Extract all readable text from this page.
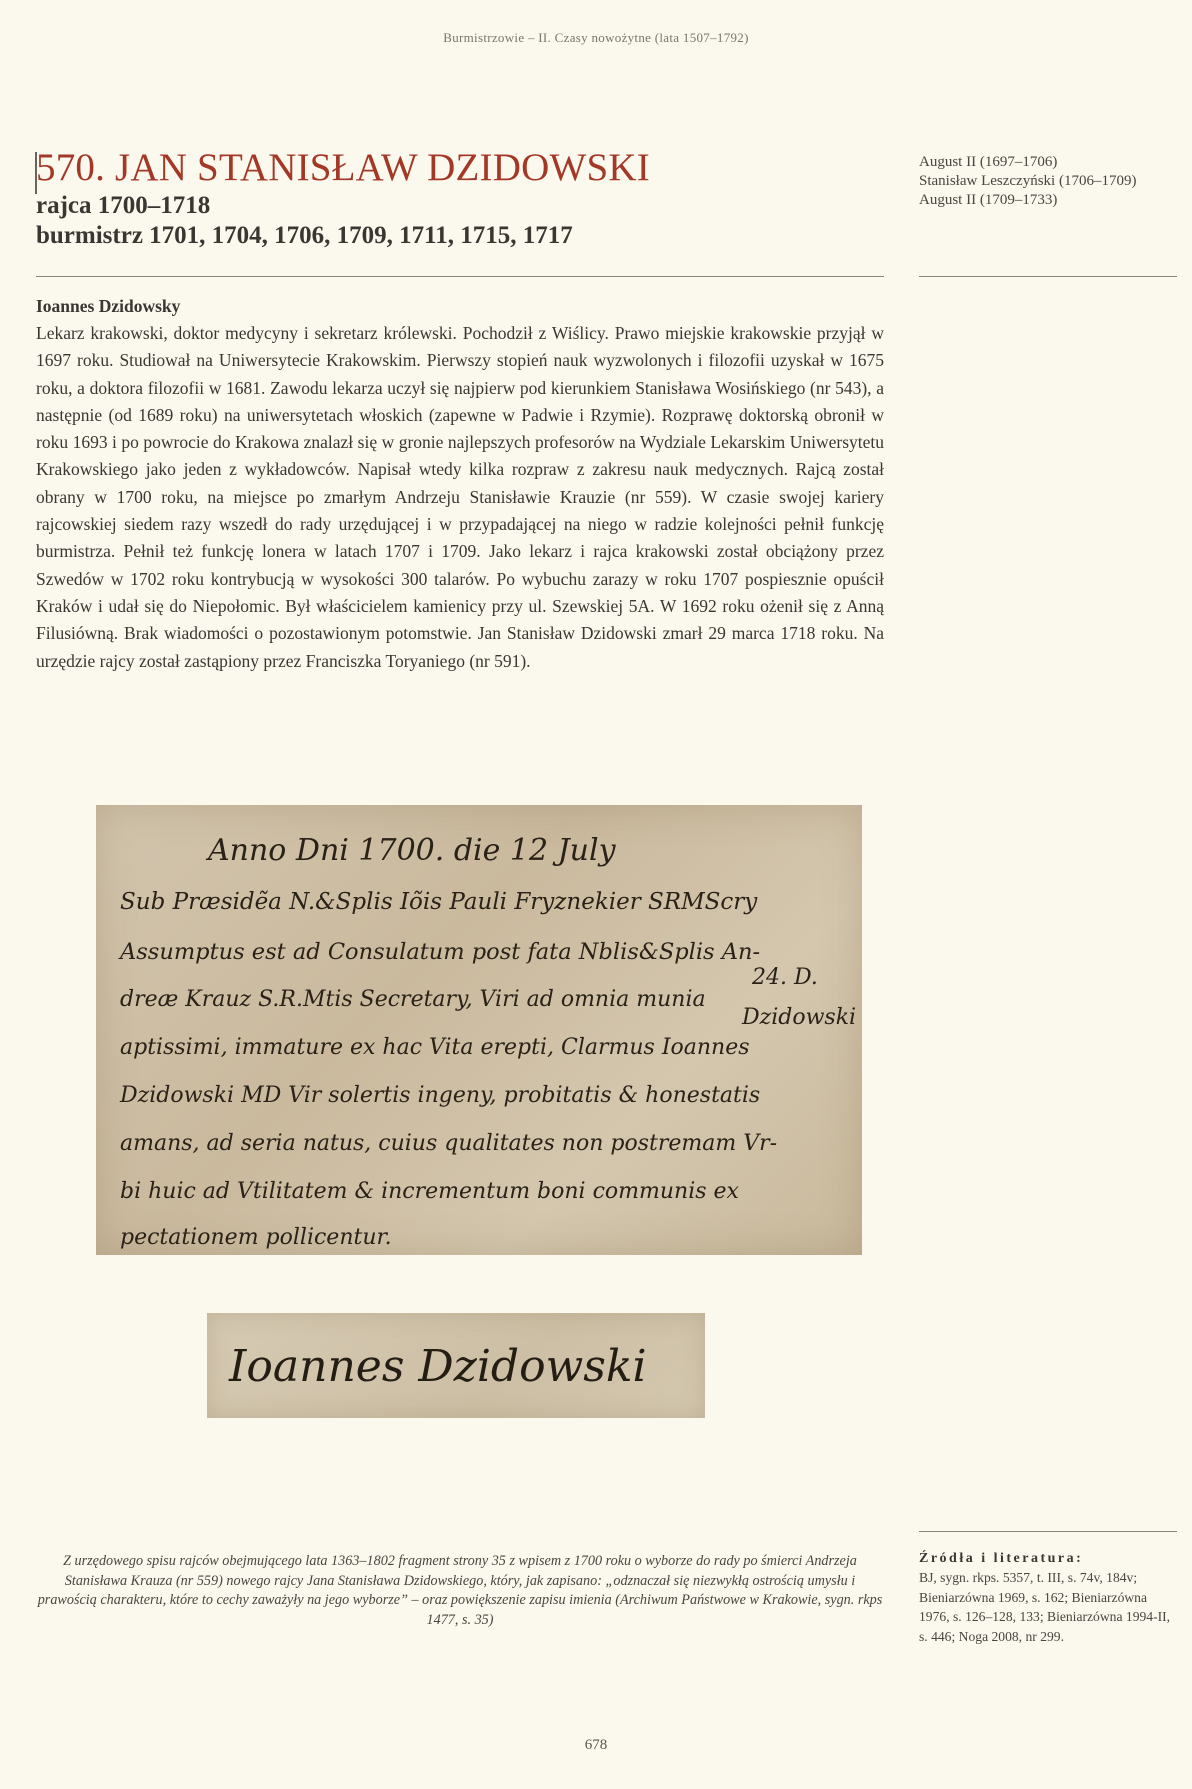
Burmistrzowie – II. Czasy nowożytne (lata 1507–1792)
570. JAN STANISŁAW DZIDOWSKI
rajca 1700–1718
burmistrz 1701, 1704, 1706, 1709, 1711, 1715, 1717
August II (1697–1706)
Stanisław Leszczyński (1706–1709)
August II (1709–1733)
Ioannes Dzidowsky

Lekarz krakowski, doktor medycyny i sekretarz królewski. Pochodził z Wiślicy. Prawo miejskie krakowskie przyjął w 1697 roku. Studiował na Uniwersytecie Krakowskim. Pierwszy stopień nauk wyzwolonych i filozofii uzyskał w 1675 roku, a doktora filozofii w 1681. Zawodu lekarza uczył się najpierw pod kierunkiem Stanisława Wosińskiego (nr 543), a następnie (od 1689 roku) na uniwersytetach włoskich (zapewne w Padwie i Rzymie). Rozprawę doktorską obronił w roku 1693 i po powrocie do Krakowa znalazł się w gronie najlepszych profesorów na Wydziale Lekarskim Uniwersytetu Krakowskiego jako jeden z wykładowców. Napisał wtedy kilka rozpraw z zakresu nauk medycznych. Rajcą został obrany w 1700 roku, na miejsce po zmarłym Andrzeju Stanisławie Krauzie (nr 559). W czasie swojej kariery rajcowskiej siedem razy wszedł do rady urzędującej i w przypadającej na niego w radzie kolejności pełnił funkcję burmistrza. Pełnił też funkcję lonera w latach 1707 i 1709. Jako lekarz i rajca krakowski został obciążony przez Szwedów w 1702 roku kontrybucją w wysokości 300 talarów. Po wybuchu zarazy w roku 1707 pospiesznie opuścił Kraków i udał się do Niepołomic. Był właścicielem kamienicy przy ul. Szewskiej 5A. W 1692 roku ożenił się z Anną Filusiówną. Brak wiadomości o pozostawionym potomstwie. Jan Stanisław Dzidowski zmarł 29 marca 1718 roku. Na urzędzie rajcy został zastąpiony przez Franciszka Toryaniego (nr 591).

Anno Dni 1700. die 12 July
Sub Præsidẽa N.&Splis Iõis Pauli Fryznekier SRMScry
Assumptus est ad Consulatum post fata Nblis&Splis An-
dreæ Krauz S.R.Mtis Secretary, Viri ad omnia munia
aptissimi, immature ex hac Vita erepti, Clarmus Ioannes
Dzidowski MD Vir solertis ingeny, probitatis & honestatis
amans, ad seria natus, cuius qualitates non postremam Vr-
bi huic ad Vtilitatem & incrementum boni communis ex
pectationem pollicentur.
24. D.
Dzidowski
Ioannes Dzidowski
Z urzędowego spisu rajców obejmującego lata 1363–1802 fragment strony 35 z wpisem z 1700 roku o wyborze do rady po śmierci Andrzeja Stanisława Krauza (nr 559) nowego rajcy Jana Stanisława Dzidowskiego, który, jak zapisano: „odznaczał się niezwykłą ostrością umysłu i prawością charakteru, które to cechy zaważyły na jego wyborze” – oraz powiększenie zapisu imienia (Archiwum Państwowe w Krakowie, sygn. rkps 1477, s. 35)
Źródła i literatura:
BJ, sygn. rkps. 5357, t. III, s. 74v, 184v; Bieniarzówna 1969, s. 162; Bieniarzówna 1976, s. 126–128, 133; Bieniarzówna 1994-II, s. 446; Noga 2008, nr 299.
678
